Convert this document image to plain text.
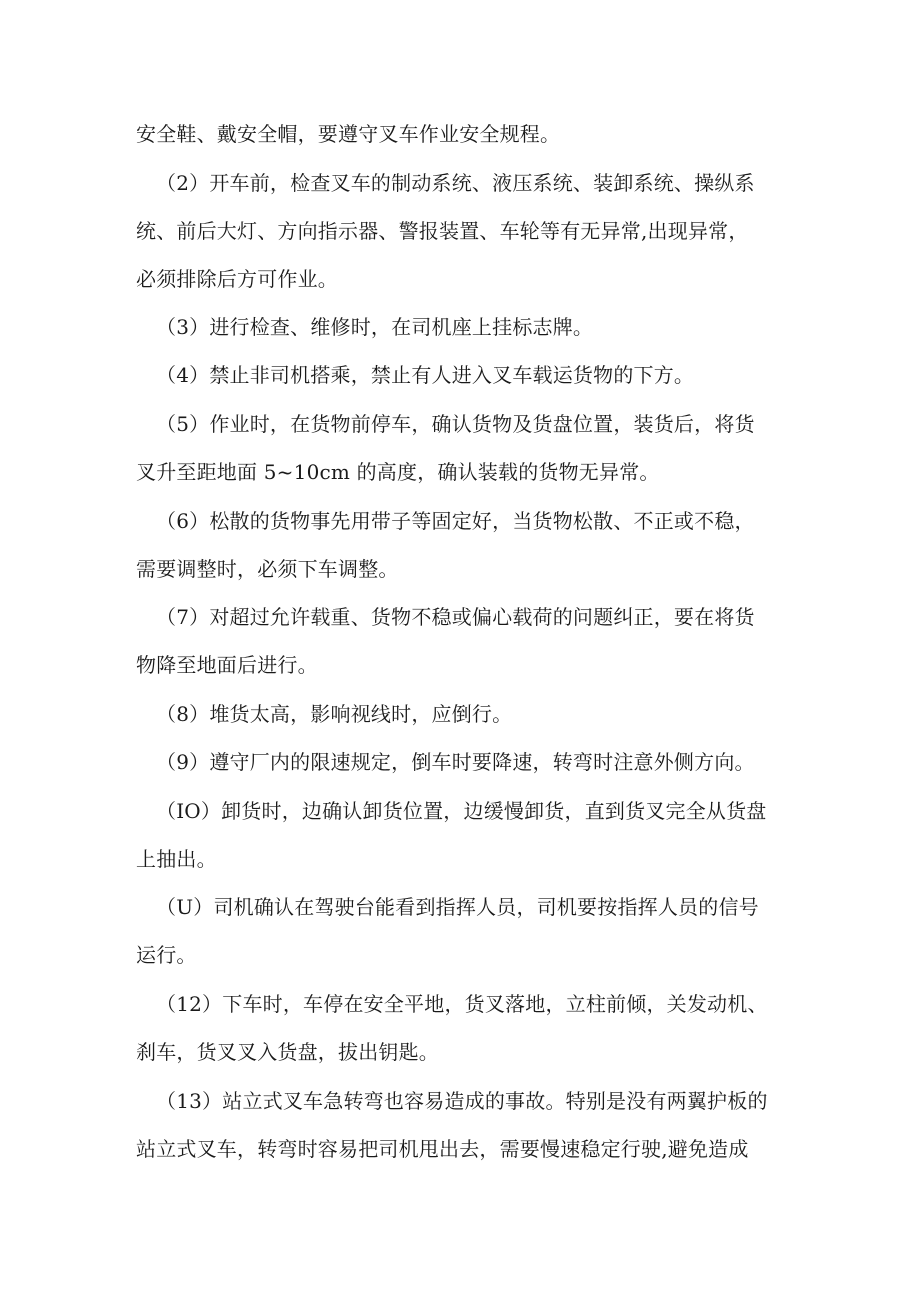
安全鞋、戴安全帽，要遵守叉车作业安全规程。
（2）开车前，检查叉车的制动系统、液压系统、装卸系统、操纵系
统、前后大灯、方向指示器、警报装置、车轮等有无异常,出现异常，
必须排除后方可作业。
（3）进行检查、维修时，在司机座上挂标志牌。
（4）禁止非司机搭乘，禁止有人进入叉车载运货物的下方。
（5）作业时，在货物前停车，确认货物及货盘位置，装货后，将货
叉升至距地面 5~10cm 的高度，确认装载的货物无异常。
（6）松散的货物事先用带子等固定好，当货物松散、不正或不稳，
需要调整时，必须下车调整。
（7）对超过允许载重、货物不稳或偏心载荷的问题纠正，要在将货
物降至地面后进行。
（8）堆货太高，影响视线时，应倒行。
（9）遵守厂内的限速规定，倒车时要降速，转弯时注意外侧方向。
（IO）卸货时，边确认卸货位置，边缓慢卸货，直到货叉完全从货盘
上抽出。
（U）司机确认在驾驶台能看到指挥人员，司机要按指挥人员的信号
运行。
（12）下车时，车停在安全平地，货叉落地，立柱前倾，关发动机、
刹车，货叉叉入货盘，拔出钥匙。
（13）站立式叉车急转弯也容易造成的事故。特别是没有两翼护板的
站立式叉车，转弯时容易把司机甩出去，需要慢速稳定行驶,避免造成
